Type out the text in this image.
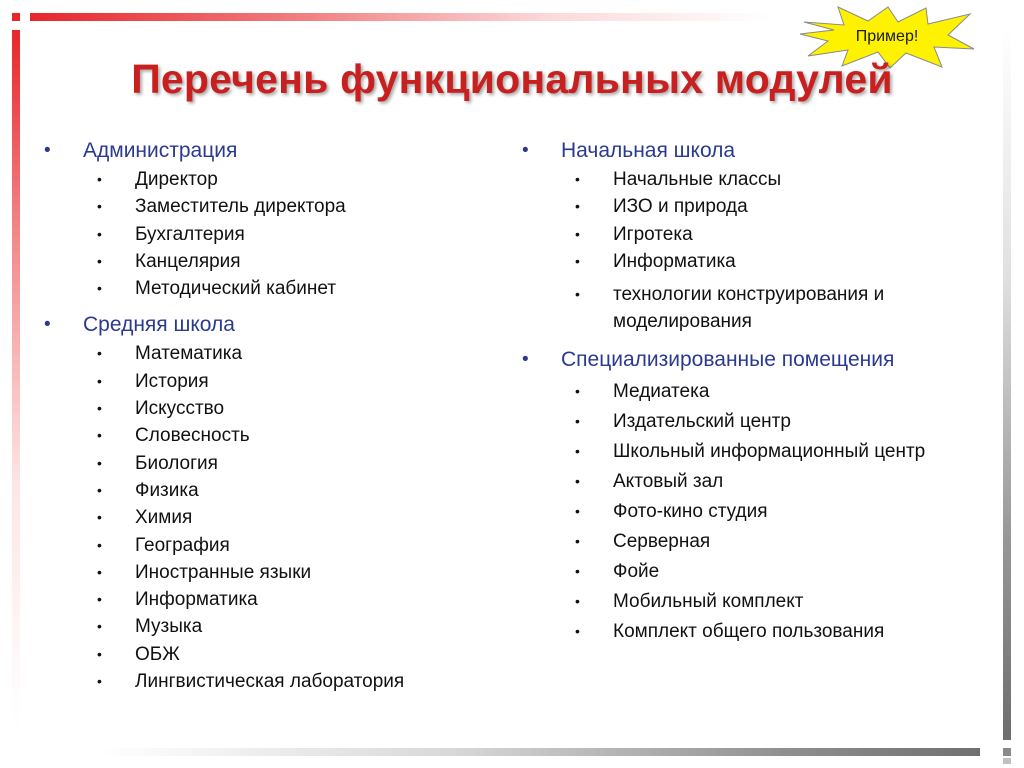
Пример!
Перечень функциональных модулей
• Администрация
• Директор
• Заместитель директора
• Бухгалтерия
• Канцелярия
• Методический кабинет
• Средняя школа
• Математика
• История
• Искусство
• Словесность
• Биология
• Физика
• Химия
• География
• Иностранные языки
• Информатика
• Музыка
• ОБЖ
• Лингвистическая лаборатория
• Начальная школа
• Начальные классы
• ИЗО и природа
• Игротека
• Информатика
• технологии конструирования и моделирования
• Специализированные помещения
• Медиатека
• Издательский центр
• Школьный информационный центр
• Актовый зал
• Фото-кино студия
• Серверная
• Фойе
• Мобильный комплект
• Комплект общего пользования
